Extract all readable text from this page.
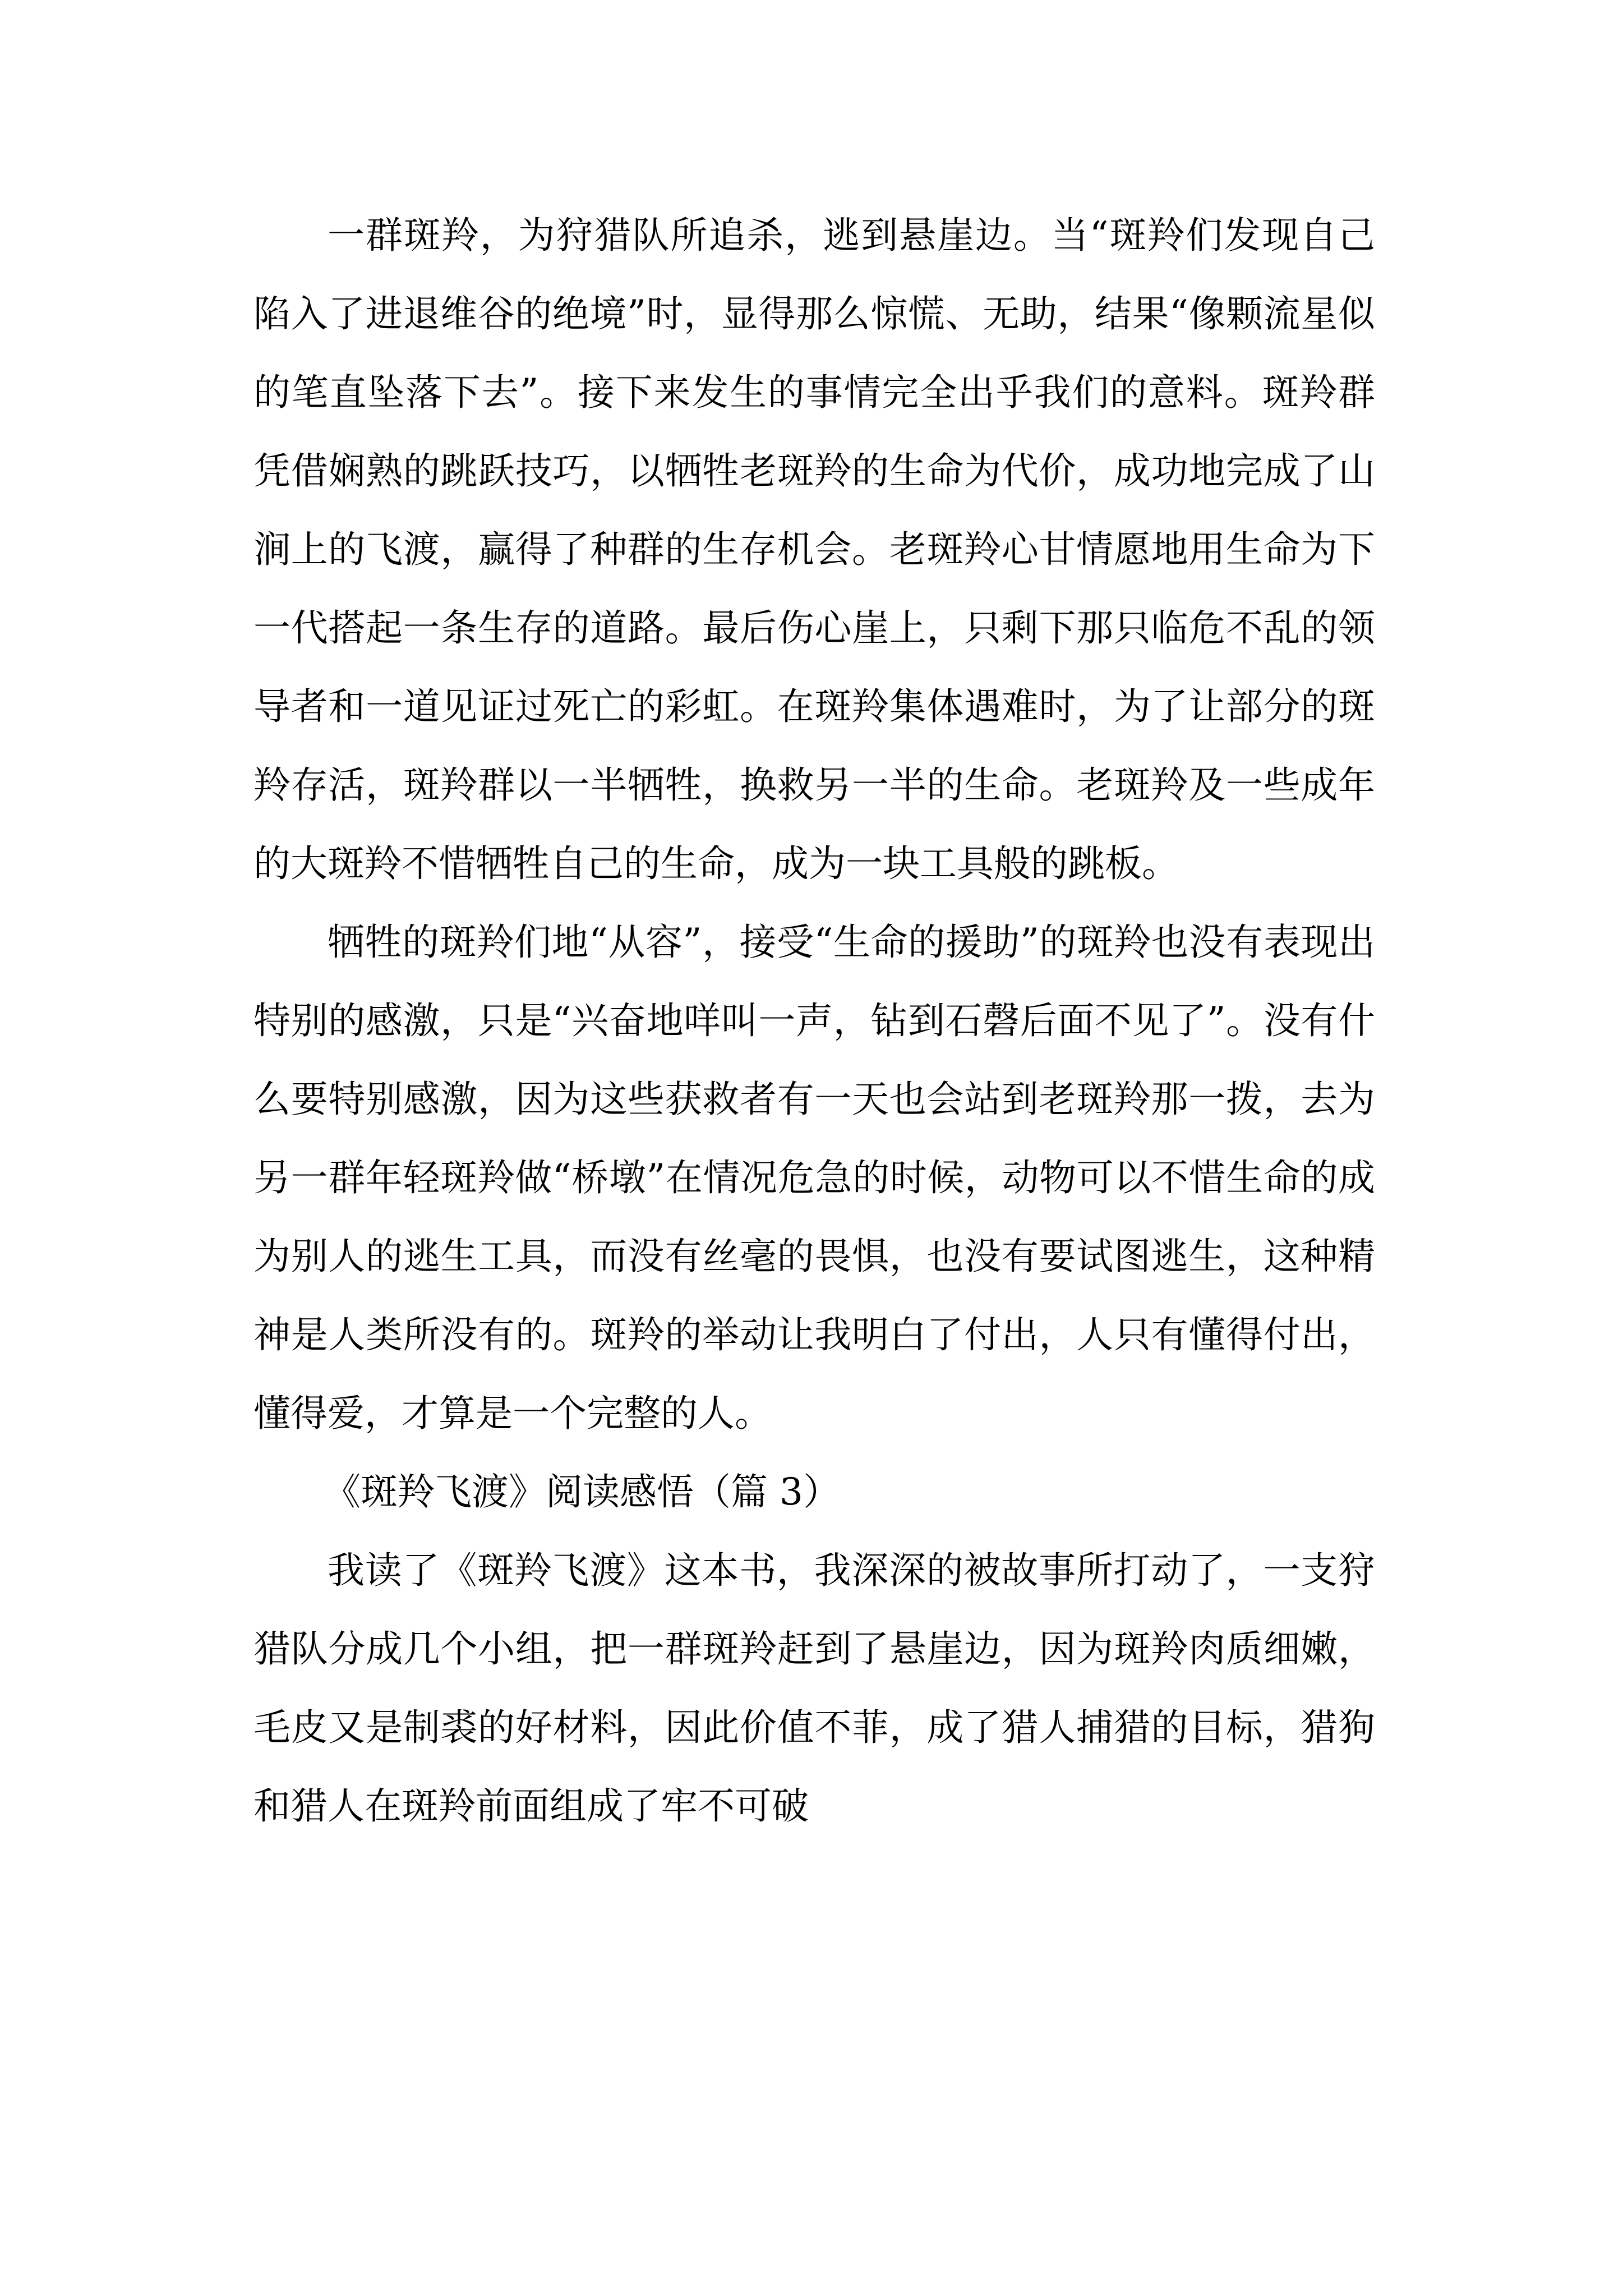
一群斑羚，为狩猎队所追杀，逃到悬崖边。当“斑羚们发现自己陷入了进退维谷的绝境”时，显得那么惊慌、无助，结果“像颗流星似的笔直坠落下去”。接下来发生的事情完全出乎我们的意料。斑羚群凭借娴熟的跳跃技巧，以牺牲老斑羚的生命为代价，成功地完成了山涧上的飞渡，赢得了种群的生存机会。老斑羚心甘情愿地用生命为下一代搭起一条生存的道路。最后伤心崖上，只剩下那只临危不乱的领导者和一道见证过死亡的彩虹。在斑羚集体遇难时，为了让部分的斑羚存活，斑羚群以一半牺牲，换救另一半的生命。老斑羚及一些成年的大斑羚不惜牺牲自己的生命，成为一块工具般的跳板。

牺牲的斑羚们地“从容”，接受“生命的援助”的斑羚也没有表现出特别的感激，只是“兴奋地咩叫一声，钻到石磬后面不见了”。没有什么要特别感激，因为这些获救者有一天也会站到老斑羚那一拨，去为另一群年轻斑羚做“桥墩”在情况危急的时候，动物可以不惜生命的成为别人的逃生工具，而没有丝毫的畏惧，也没有要试图逃生，这种精神是人类所没有的。斑羚的举动让我明白了付出，人只有懂得付出，懂得爱，才算是一个完整的人。

《斑羚飞渡》阅读感悟（篇 3）

我读了《斑羚飞渡》这本书，我深深的被故事所打动了，一支狩猎队分成几个小组，把一群斑羚赶到了悬崖边，因为斑羚肉质细嫩，毛皮又是制裘的好材料，因此价值不菲，成了猎人捕猎的目标，猎狗和猎人在斑羚前面组成了牢不可破
